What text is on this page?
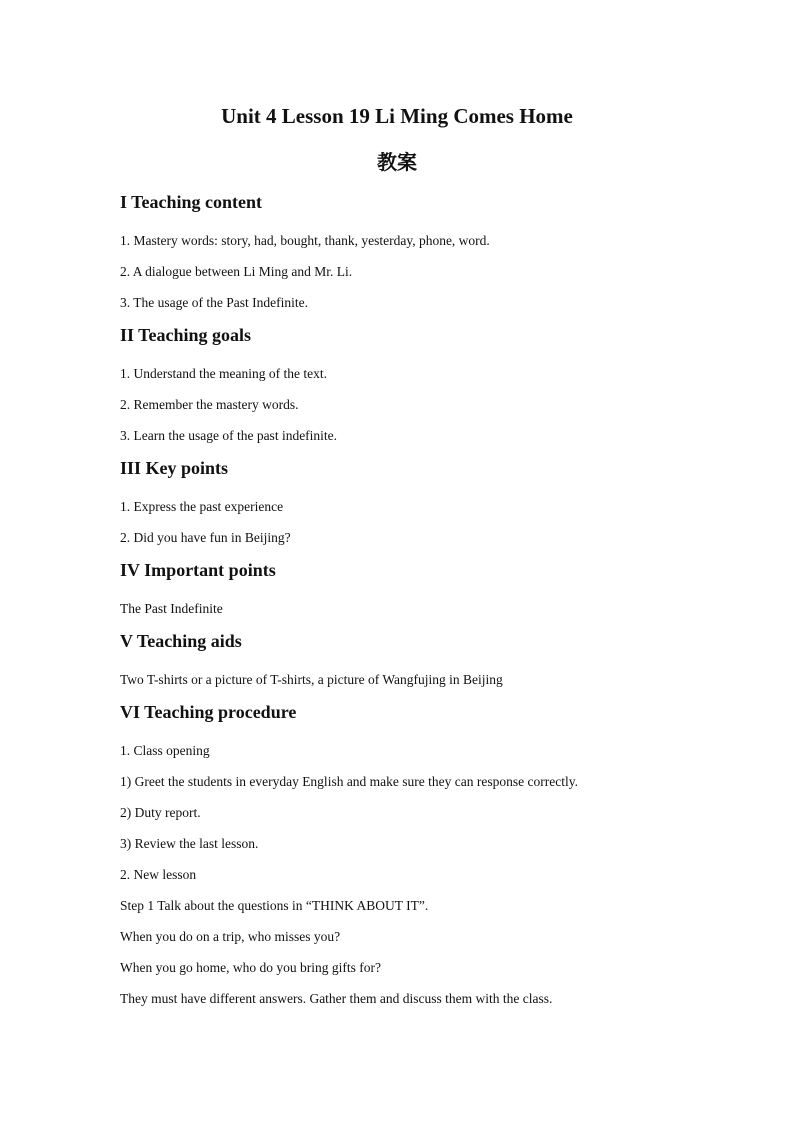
Unit 4 Lesson 19 Li Ming Comes Home
教案
I Teaching content

1. Mastery words: story, had, bought, thank, yesterday, phone, word.

2. A dialogue between Li Ming and Mr. Li.

3. The usage of the Past Indefinite.

II Teaching goals

1. Understand the meaning of the text.

2. Remember the mastery words.

3. Learn the usage of the past indefinite.

III Key points

1. Express the past experience

2. Did you have fun in Beijing?

IV Important points

The Past Indefinite

V Teaching aids

Two T-shirts or a picture of T-shirts, a picture of Wangfujing in Beijing

VI Teaching procedure

1. Class opening

1) Greet the students in everyday English and make sure they can response correctly.

2) Duty report.

3) Review the last lesson.

2. New lesson

Step 1 Talk about the questions in “THINK ABOUT IT”.

When you do on a trip, who misses you?

When you go home, who do you bring gifts for?

They must have different answers. Gather them and discuss them with the class.
